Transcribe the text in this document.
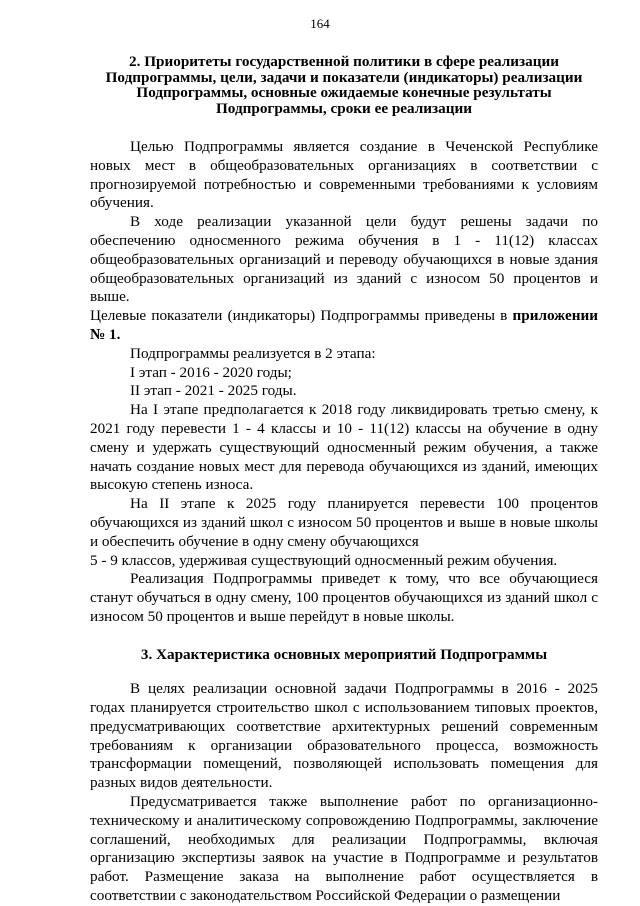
164
2. Приоритеты государственной политики в сфере реализации
Подпрограммы, цели, задачи и показатели (индикаторы) реализации
Подпрограммы, основные ожидаемые конечные результаты
Подпрограммы, сроки ее реализации

Целью Подпрограммы является создание в Чеченской Республике новых мест в общеобразовательных организациях в соответствии с прогнозируемой потребностью и современными требованиями к условиям обучения.

В ходе реализации указанной цели будут решены задачи по обеспечению односменного режима обучения в 1 - 11(12) классах общеобразовательных организаций и переводу обучающихся в новые здания общеобразовательных организаций из зданий с износом 50 процентов и выше.

Целевые показатели (индикаторы) Подпрограммы приведены в приложении № 1.

Подпрограммы реализуется в 2 этапа:

I этап - 2016 - 2020 годы;

II этап - 2021 - 2025 годы.

На I этапе предполагается к 2018 году ликвидировать третью смену, к 2021 году перевести 1 - 4 классы и 10 - 11(12) классы на обучение в одну смену и удержать существующий односменный режим обучения, а также начать создание новых мест для перевода обучающихся из зданий, имеющих высокую степень износа.

На II этапе к 2025 году планируется перевести 100 процентов обучающихся из зданий школ с износом 50 процентов и выше в новые школы и обеспечить обучение в одну смену обучающихся

5 - 9 классов, удерживая существующий односменный режим обучения.

Реализация Подпрограммы приведет к тому, что все обучающиеся станут обучаться в одну смену, 100 процентов обучающихся из зданий школ с износом 50 процентов и выше перейдут в новые школы.

3. Характеристика основных мероприятий Подпрограммы

В целях реализации основной задачи Подпрограммы в 2016 - 2025 годах планируется строительство школ с использованием типовых проектов, предусматривающих соответствие архитектурных решений современным требованиям к организации образовательного процесса, возможность трансформации помещений, позволяющей использовать помещения для разных видов деятельности.

Предусматривается также выполнение работ по организационно-техническому и аналитическому сопровождению Подпрограммы, заключение соглашений, необходимых для реализации Подпрограммы, включая организацию экспертизы заявок на участие в Подпрограмме и результатов работ. Размещение заказа на выполнение работ осуществляется в соответствии с законодательством Российской Федерации о размещении
